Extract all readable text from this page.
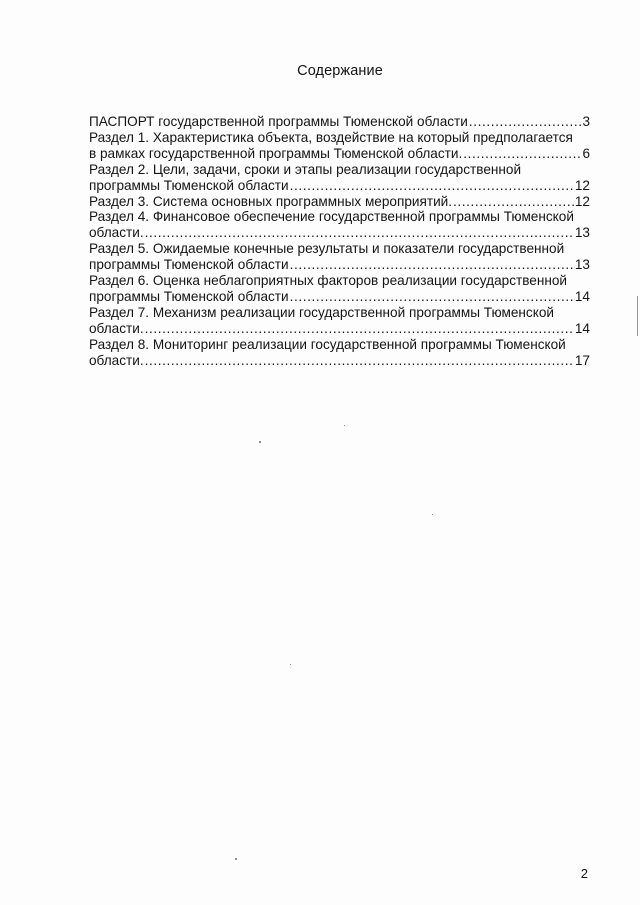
Содержание
ПАСПОРТ государственной программы Тюменской области .....	3
Раздел 1. Характеристика объекта, воздействие на который предполагается
в рамках государственной программы Тюменской области. .....	6
Раздел 2. Цели, задачи, сроки и этапы реализации государственной
программы Тюменской области .....	12
Раздел 3. Система основных программных мероприятий. .....	12
Раздел 4. Финансовое обеспечение государственной программы Тюменской
области. .....	13
Раздел 5. Ожидаемые конечные результаты и показатели государственной
программы Тюменской области .....	13
Раздел 6. Оценка неблагоприятных факторов реализации государственной
программы Тюменской области .....	14
Раздел 7. Механизм реализации государственной программы Тюменской
области. .....	14
Раздел 8. Мониторинг реализации государственной программы Тюменской
области. .....	17
2
